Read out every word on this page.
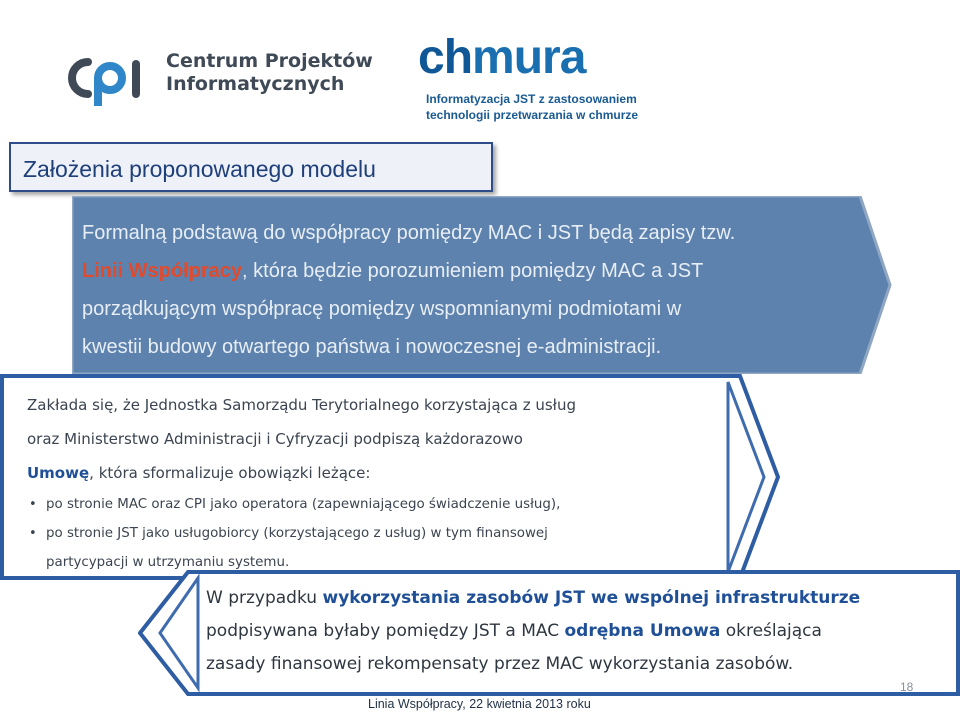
Centrum Projektów
Informatycznych	chmura
Informatyzacja JST z zastosowaniem
technologii przetwarzania w chmurze
Założenia proponowanego modelu
Formalną podstawą do współpracy pomiędzy MAC i JST będą zapisy tzw.
Linii Współpracy, która będzie porozumieniem pomiędzy MAC a JST
porządkującym współpracę pomiędzy wspomnianymi podmiotami w
kwestii budowy otwartego państwa i nowoczesnej e-administracji.

Zakłada się, że Jednostka Samorządu Terytorialnego korzystająca z usług

oraz Ministerstwo Administracji i Cyfryzacji podpiszą każdorazowo

Umowę, która sformalizuje obowiązki leżące:

• po stronie MAC oraz CPI jako operatora (zapewniającego świadczenie usług),
• po stronie JST jako usługobiorcy (korzystającego z usług) w tym finansowej
partycypacji w utrzymaniu systemu.
W przypadku wykorzystania zasobów JST we wspólnej infrastrukturze
podpisywana byłaby pomiędzy JST a MAC odrębna Umowa określająca
zasady finansowej rekompensaty przez MAC wykorzystania zasobów.
18
Linia Współpracy, 22 kwietnia 2013 roku
